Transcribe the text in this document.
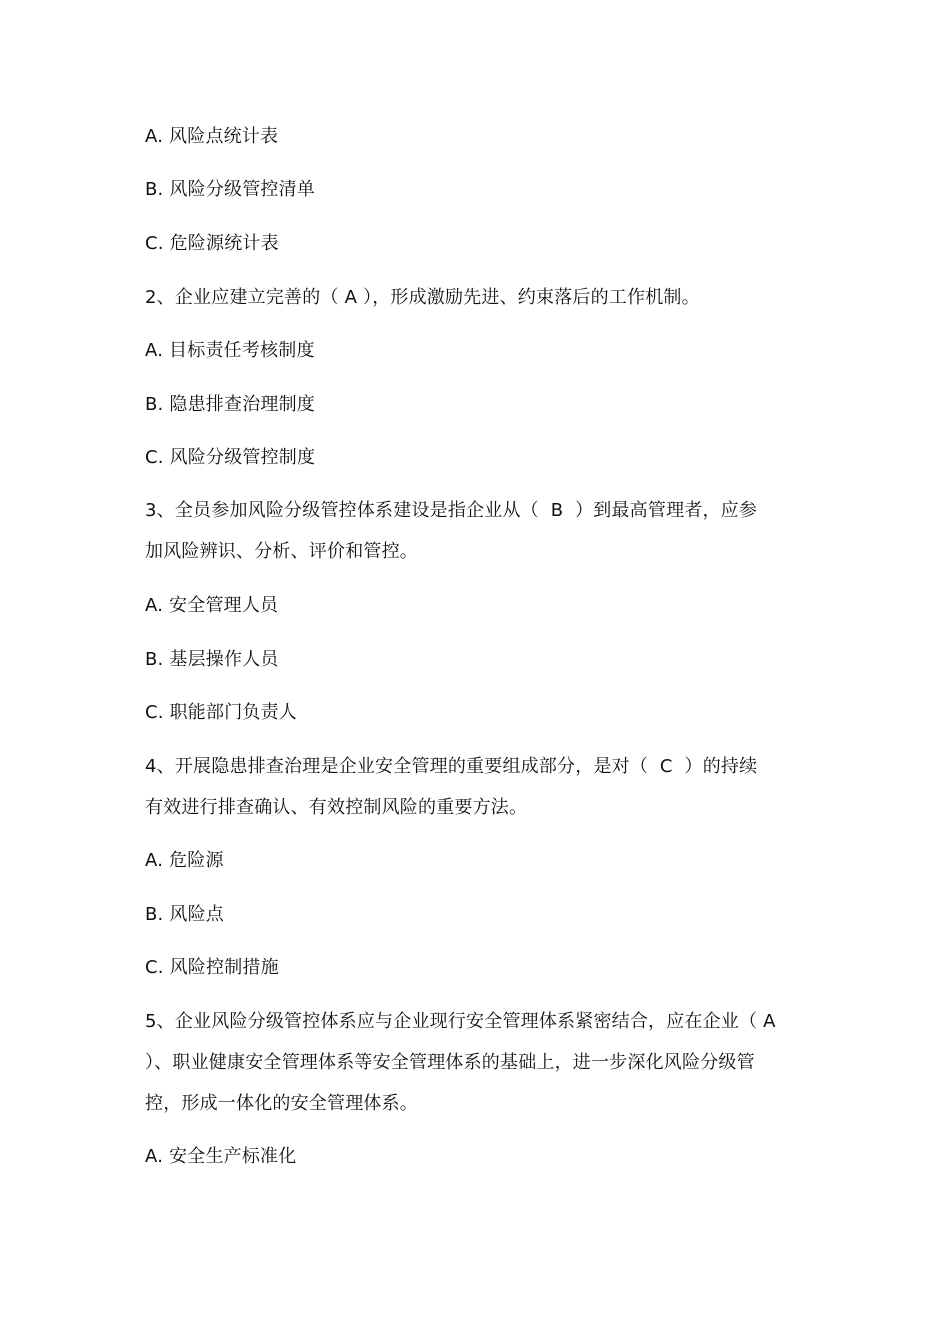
A. 风险点统计表
B. 风险分级管控清单
C. 危险源统计表
2、企业应建立完善的（ A ），形成激励先进、约束落后的工作机制。
A. 目标责任考核制度
B. 隐患排查治理制度
C. 风险分级管控制度
3、全员参加风险分级管控体系建设是指企业从（  B  ）到最高管理者，应参
加风险辨识、分析、评价和管控。
A. 安全管理人员
B. 基层操作人员
C. 职能部门负责人
4、开展隐患排查治理是企业安全管理的重要组成部分，是对（  C  ）的持续
有效进行排查确认、有效控制风险的重要方法。
A. 危险源
B. 风险点
C. 风险控制措施
5、企业风险分级管控体系应与企业现行安全管理体系紧密结合，应在企业（ A
）、职业健康安全管理体系等安全管理体系的基础上，进一步深化风险分级管
控，形成一体化的安全管理体系。
A. 安全生产标准化
